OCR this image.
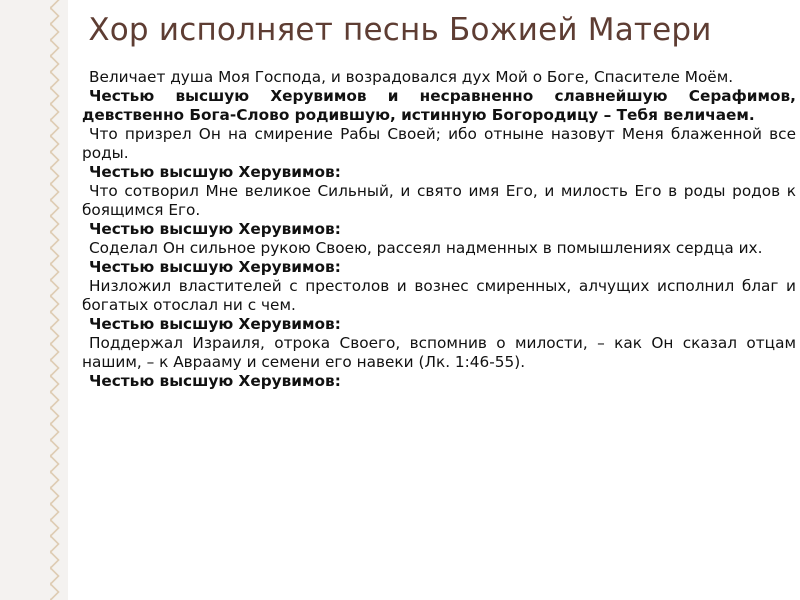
Хор исполняет песнь Божией Матери

Величает душа Моя Господа, и возрадовался дух Мой о Боге, Спасителе Моём.

Честью высшую Херувимов и несравненно славнейшую Серафимов, девственно Бога-Слово родившую, истинную Богородицу – Тебя величаем.

Что призрел Он на смирение Рабы Своей; ибо отныне назовут Меня блаженной все роды.

Честью высшую Херувимов:

Что сотворил Мне великое Сильный, и свято имя Его, и милость Его в роды родов к боящимся Его.

Честью высшую Херувимов:

Соделал Он сильное рукою Своею, рассеял надменных в помышлениях сердца их.

Честью высшую Херувимов:

Низложил властителей с престолов и вознес смиренных, алчущих исполнил благ и богатых отослал ни с чем.

Честью высшую Херувимов:

Поддержал Израиля, отрока Своего, вспомнив о милости, – как Он сказал отцам нашим, – к Аврааму и семени его навеки (Лк. 1:46-55).

Честью высшую Херувимов:
